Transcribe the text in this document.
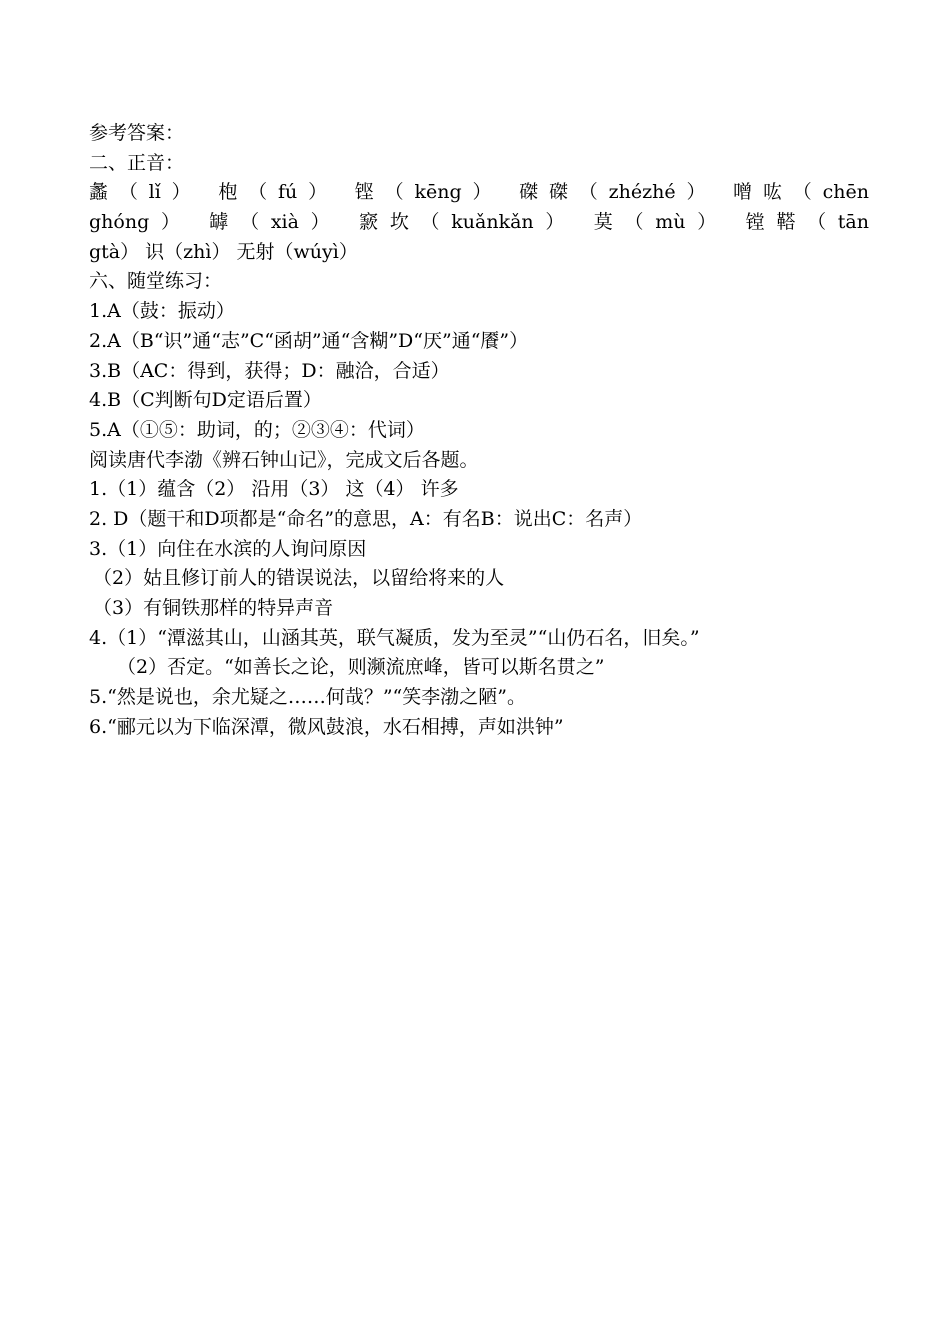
参考答案：
二、正音：
蠡（lǐ） 枹（fú） 铿（kēng） 磔磔（zhézhé） 噌吰（chēn
ghóng） 罅（xià） 窾坎（kuǎnkǎn） 莫（mù） 镗鞳（tān
gtà） 识（zhì） 无射（wúyì）
六、随堂练习：
1.A（鼓：振动）
2.A（B“识”通“志”C“函胡”通“含糊”D“厌”通“餍”）
3.B（AC：得到，获得；D：融洽，合适）
4.B（C判断句D定语后置）
5.A（①⑤：助词，的；②③④：代词）
阅读唐代李渤《辨石钟山记》，完成文后各题。
1.（1）蕴含（2） 沿用（3） 这（4） 许多
2. D（题干和D项都是“命名”的意思，A：有名B：说出C：名声）
3.（1）向住在水滨的人询问原因
（2）姑且修订前人的错误说法，以留给将来的人
（3）有铜铁那样的特异声音
4.（1）“潭滋其山，山涵其英，联气凝质，发为至灵”“山仍石名，旧矣。”
（2）否定。“如善长之论，则濒流庶峰，皆可以斯名贯之”
5.“然是说也，余尤疑之……何哉？”“笑李渤之陋”。
6.“郦元以为下临深潭，微风鼓浪，水石相搏，声如洪钟”
